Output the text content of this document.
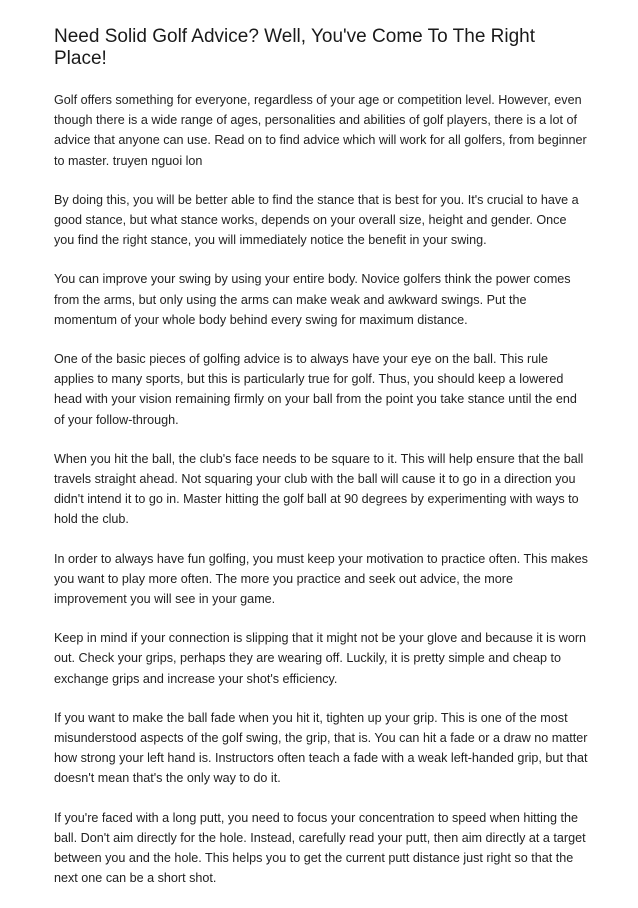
Need Solid Golf Advice? Well, You've Come To The Right Place!

Golf offers something for everyone, regardless of your age or competition level. However, even though there is a wide range of ages, personalities and abilities of golf players, there is a lot of advice that anyone can use. Read on to find advice which will work for all golfers, from beginner to master. truyen nguoi lon

By doing this, you will be better able to find the stance that is best for you. It's crucial to have a good stance, but what stance works, depends on your overall size, height and gender. Once you find the right stance, you will immediately notice the benefit in your swing.

You can improve your swing by using your entire body. Novice golfers think the power comes from the arms, but only using the arms can make weak and awkward swings. Put the momentum of your whole body behind every swing for maximum distance.

One of the basic pieces of golfing advice is to always have your eye on the ball. This rule applies to many sports, but this is particularly true for golf. Thus, you should keep a lowered head with your vision remaining firmly on your ball from the point you take stance until the end of your follow-through.

When you hit the ball, the club's face needs to be square to it. This will help ensure that the ball travels straight ahead. Not squaring your club with the ball will cause it to go in a direction you didn't intend it to go in. Master hitting the golf ball at 90 degrees by experimenting with ways to hold the club.

In order to always have fun golfing, you must keep your motivation to practice often. This makes you want to play more often. The more you practice and seek out advice, the more improvement you will see in your game.

Keep in mind if your connection is slipping that it might not be your glove and because it is worn out. Check your grips, perhaps they are wearing off. Luckily, it is pretty simple and cheap to exchange grips and increase your shot's efficiency.

If you want to make the ball fade when you hit it, tighten up your grip. This is one of the most misunderstood aspects of the golf swing, the grip, that is. You can hit a fade or a draw no matter how strong your left hand is. Instructors often teach a fade with a weak left-handed grip, but that doesn't mean that's the only way to do it.

If you're faced with a long putt, you need to focus your concentration to speed when hitting the ball. Don't aim directly for the hole. Instead, carefully read your putt, then aim directly at a target between you and the hole. This helps you to get the current putt distance just right so that the next one can be a short shot.
